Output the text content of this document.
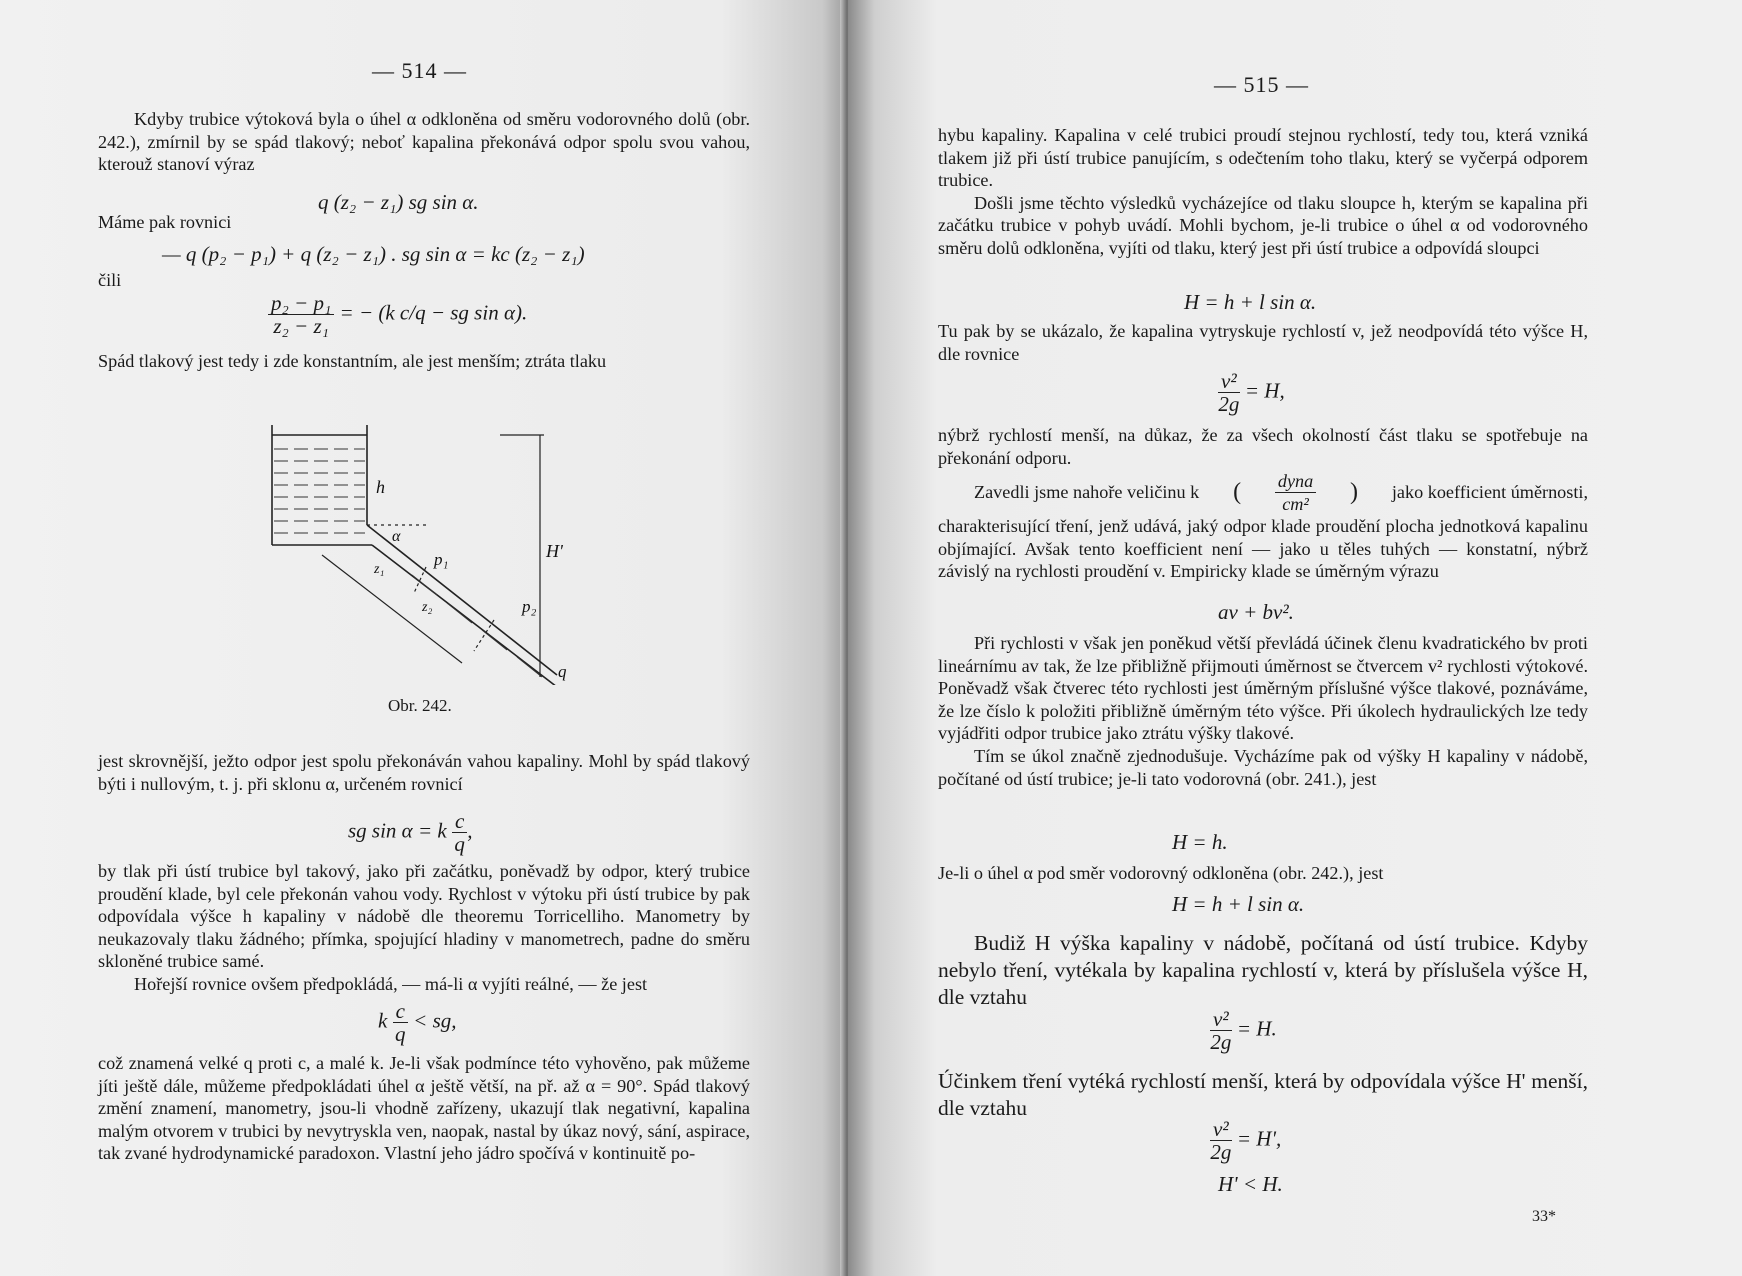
— 514 —

Kdyby trubice výtoková byla o úhel α odkloněna od směru vodorovného dolů (obr. 242.), zmírnil by se spád tlakový; neboť kapalina překonává odpor spolu svou vahou, kterouž stanoví výraz

q (z₂ − z₁) sg sin α.
Máme pak rovnici
— q (p₂ − p₁) + q (z₂ − z₁) . sg sin α = kc (z₂ − z₁)
čili
$\frac{\text{p₂ − p₁}}{\text{z₂ − z₁}}$ = − (k c/q − sg sin α).

Spád tlakový jest tedy i zde konstantním, ale jest menším; ztráta tlaku

h
H'
α
p₁
p₂
q
z₁
z₂
Obr. 242.

jest skrovnější, ježto odpor jest spolu překonáván vahou kapaliny. Mohl by spád tlakový býti i nullovým, t. j. při sklonu α, určeném rovnicí

sg sin α = k $\frac{c}{q}$ ,

by tlak při ústí trubice byl takový, jako při začátku, poněvadž by odpor, který trubice proudění klade, byl cele překonán vahou vody. Rychlost v výtoku při ústí trubice by pak odpovídala výšce h kapaliny v nádobě dle theoremu Torricelliho. Manometry by neukazovaly tlaku žádného; přímka, spojující hladiny v manometrech, padne do směru skloněné trubice samé.

Hořejší rovnice ovšem předpokládá, — má-li α vyjíti reálné, — že jest

k $\frac{c}{q}$ < sg,

což znamená velké q proti c, a malé k. Je-li však podmínce této vyhověno, pak můžeme jíti ještě dále, můžeme předpokládati úhel α ještě větší, na př. až α = 90°. Spád tlakový změní znamení, manometry, jsou-li vhodně zařízeny, ukazují tlak negativní, kapalina malým otvorem v trubici by nevytryskla ven, naopak, nastal by úkaz nový, sání, aspirace, tak zvané hydrodynamické paradoxon. Vlastní jeho jádro spočívá v kontinuitě po-

— 515 —

hybu kapaliny. Kapalina v celé trubici proudí stejnou rychlostí, tedy tou, která vzniká tlakem již při ústí trubice panujícím, s odečtením toho tlaku, který se vyčerpá odporem trubice.

Došli jsme těchto výsledků vycházejíce od tlaku sloupce h, kterým se kapalina při začátku trubice v pohyb uvádí. Mohli bychom, je-li trubice o úhel α od vodorovného směru dolů odkloněna, vyjíti od tlaku, který jest při ústí trubice a odpovídá sloupci

H = h + l sin α.

Tu pak by se ukázalo, že kapalina vytryskuje rychlostí v, jež neodpovídá této výšce H, dle rovnice

$\frac{\text{v²}}{2g} = H$,

nýbrž rychlostí menší, na důkaz, že za všech okolností část tlaku se spotřebuje na překonání odporu.

Zavedli jsme nahoře veličinu k ( $\frac{\text{dyna}}{\text{cm²}}$ ) jako koefficient úměrnosti,

charakterisující tření, jenž udává, jaký odpor klade proudění plocha jednotková kapalinu objímající. Avšak tento koefficient není — jako u těles tuhých — konstatní, nýbrž závislý na rychlosti proudění v. Empiricky klade se úměrným výrazu

av + bv².

Při rychlosti v však jen poněkud větší převládá účinek členu kvadratického bv proti lineárnímu av tak, že lze přibližně přijmouti úměrnost se čtvercem v² rychlosti výtokové. Poněvadž však čtverec této rychlosti jest úměrným příslušné výšce tlakové, poznáváme, že lze číslo k položiti přibližně úměrným této výšce. Při úkolech hydraulických lze tedy vyjádřiti odpor trubice jako ztrátu výšky tlakové.

Tím se úkol značně zjednodušuje. Vycházíme pak od výšky H kapaliny v nádobě, počítané od ústí trubice; je-li tato vodorovná (obr. 241.), jest

H = h.

Je-li o úhel α pod směr vodorovný odkloněna (obr. 242.), jest

H = h + l sin α.

Budiž H výška kapaliny v nádobě, počítaná od ústí trubice. Kdyby nebylo tření, vytékala by kapalina rychlostí v, která by příslušela výšce H, dle vztahu

$\frac{\text{v²}}{2g} = H$.

Účinkem tření vytéká rychlostí menší, která by odpovídala výšce H' menší, dle vztahu

$\frac{\text{v²}}{2g} = H'$,
H' < H.
33*
